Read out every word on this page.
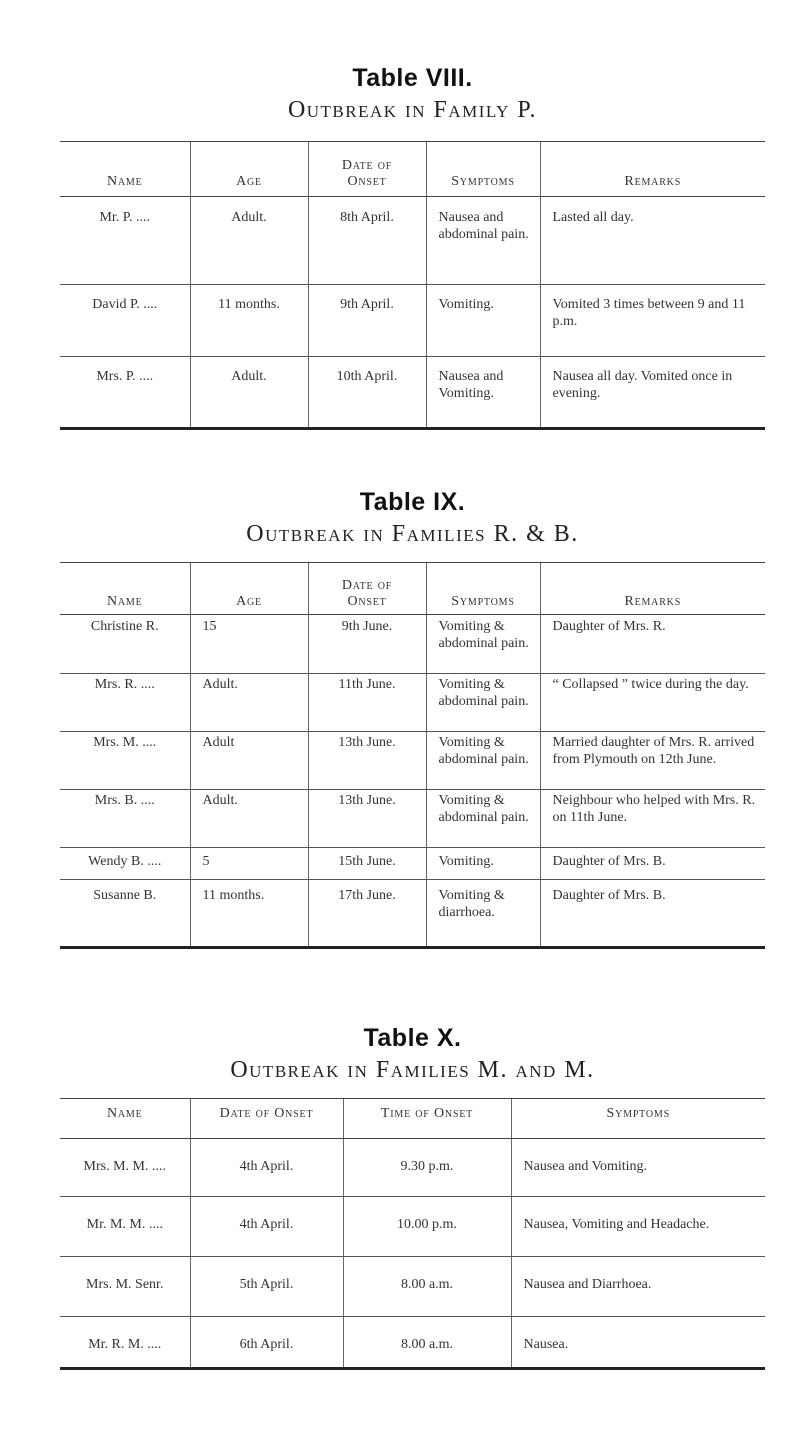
Table VIII.
Outbreak in Family P.
Name	Age	Date of Onset	Symptoms	Remarks
Mr. P. ....	Adult.	8th April.	Nausea and abdominal pain.	Lasted all day.
David P. ....	11 months.	9th April.	Vomiting.	Vomited 3 times between 9 and 11 p.m.
Mrs. P. ....	Adult.	10th April.	Nausea and Vomiting.	Nausea all day. Vomited once in evening.
Table IX.
Outbreak in Families R. & B.
Name	Age	Date of Onset	Symptoms	Remarks
Christine R.	15	9th June.	Vomiting & abdominal pain.	Daughter of Mrs. R.
Mrs. R. ....	Adult.	11th June.	Vomiting & abdominal pain.	“ Collapsed ” twice during the day.
Mrs. M. ....	Adult	13th June.	Vomiting & abdominal pain.	Married daughter of Mrs. R. arrived from Plymouth on 12th June.
Mrs. B. ....	Adult.	13th June.	Vomiting & abdominal pain.	Neighbour who helped with Mrs. R. on 11th June.
Wendy B. ....	5	15th June.	Vomiting.	Daughter of Mrs. B.
Susanne B.	11 months.	17th June.	Vomiting & diarrhoea.	Daughter of Mrs. B.
Table X.
Outbreak in Families M. and M.
Name	Date of Onset	Time of Onset	Symptoms
Mrs. M. M. ....	4th April.	9.30 p.m.	Nausea and Vomiting.
Mr. M. M. ....	4th April.	10.00 p.m.	Nausea, Vomiting and Headache.
Mrs. M. Senr.	5th April.	8.00 a.m.	Nausea and Diarrhoea.
Mr. R. M. ....	6th April.	8.00 a.m.	Nausea.
